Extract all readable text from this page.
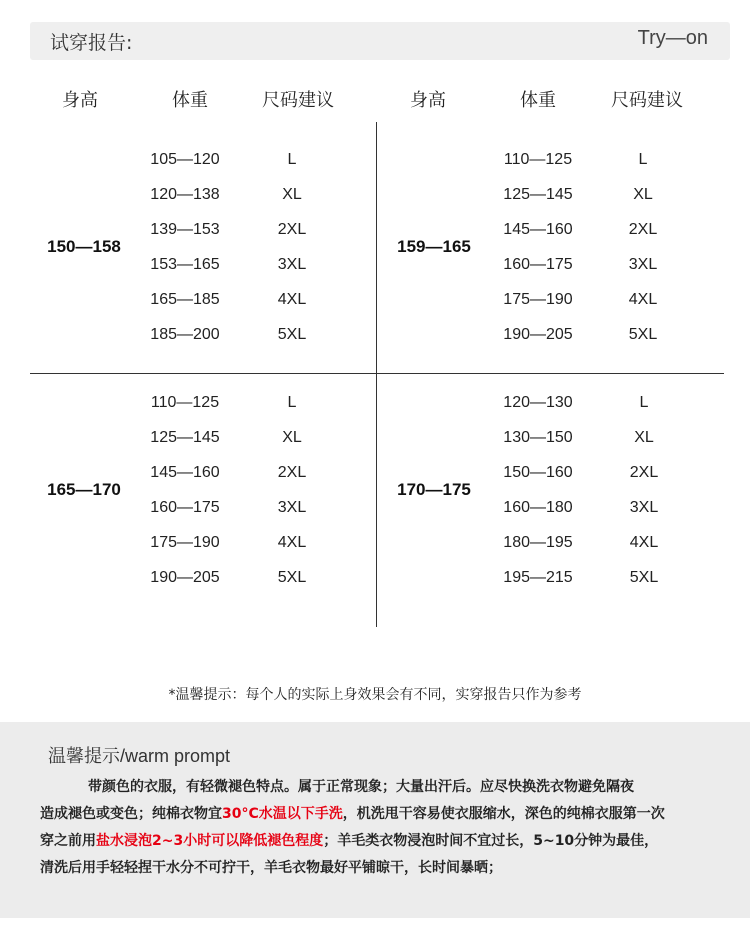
试穿报告:	Try—on
身高	体重	尺码建议	身高	体重	尺码建议
150—158
105—120	L
120—138	XL
139—153	2XL
153—165	3XL
165—185	4XL
185—200	5XL
159—165
110—125	L
125—145	XL
145—160	2XL
160—175	3XL
175—190	4XL
190—205	5XL
165—170
110—125	L
125—145	XL
145—160	2XL
160—175	3XL
175—190	4XL
190—205	5XL
170—175
120—130	L
130—150	XL
150—160	2XL
160—180	3XL
180—195	4XL
195—215	5XL
*温馨提示：每个人的实际上身效果会有不同，实穿报告只作为参考
温馨提示/warm prompt
带颜色的衣服，有轻微褪色特点。属于正常现象；大量出汗后。应尽快换洗衣物避免隔夜
造成褪色或变色；纯棉衣物宜30°C水温以下手洗，机洗甩干容易使衣服缩水，深色的纯棉衣服第一次
穿之前用盐水浸泡2~3小时可以降低褪色程度；羊毛类衣物浸泡时间不宜过长，5~10分钟为最佳，
清洗后用手轻轻捏干水分不可拧干，羊毛衣物最好平铺晾干，长时间暴晒；
